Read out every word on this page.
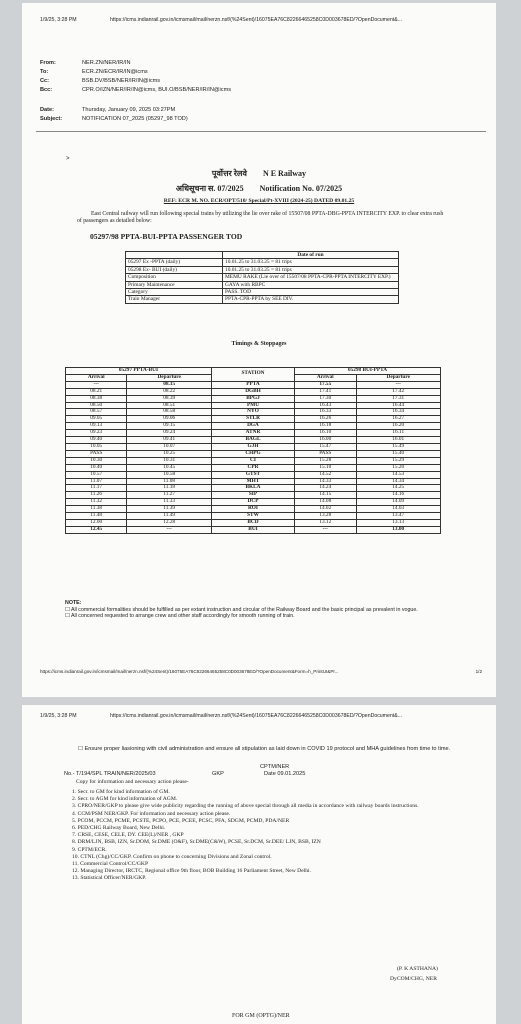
1/9/25, 3:28 PM	https://icms.indianrail.gov.in/icmsmail/mail/nerzn.nsf/(%24Sent)/16075EA76C82266465258C0D003678ED/?OpenDocument&...
From:	NER.ZN/NER/IR/IN
To:	ECR.ZN/ECR/IR/IN@icms
Cc:	BSB.DV/BSB/NER/IR/IN@icms
Bcc:	CPR.O/IZN/NER/IR/IN@icms, BUI.O/BSB/NER/IR/IN@icms
Date:	Thursday, January 09, 2025 03:27PM
Subject:	NOTIFICATION 07_2025 (05297_98 TOD)
>
पूर्वोत्तर रेलवे N E Railway
अधिसूचना स. 07/2025 Notification No. 07/2025
REF: ECR M. NO. ECR/OPT/510/ Special/Pt-XVIII (2024-25) DATED 09.01.25
East Central railway will run following special trains by utilizing the lie over rake of 15507/08 PPTA-DBG-PPTA INTERCITY EXP. to clear extra rush of passengers as detailed below:
05297/98 PPTA-BUI-PPTA PASSENGER TOD
	Date of run
05297 Ex -PPTA (daily)	10.01.25 to 31.03.25 = 81 trips
05298 Ex- BUI (daily)	10.01.25 to 31.03.25 = 81 trips
Composition	MEMU RAKE (Lie over of 15507/08 PPTA-CPR-PPTA INTERCITY EXP.)
Primary Maintenance	GAYA with RBPC
Category	PASS. TOD
Train Manager	PPTA-CPR-PPTA by SEE DIV.
Timings & Stoppages
05297 PPTA-BUI		STATION	05298 BUI-PPTA	
Arrival	Departure		Arrival	Departure
---	08.15	PPTA	17.55	---
08.21	08.22	DGBH	17.41	17.42
08.38	08.39	BPGJ	17.30	17.31
08.50	08.51	PMU	16.43	16.44
08.57	08.58	NYO	16.33	16.34
09.05	09.06	STLR	16.26	16.27
09.13	09.15	DGA	16.18	16.20
09.23	09.24	ATNR	16.10	16.11
09.40	09.41	BAGL	16.00	16.01
10.05	10.07	GJH	15.47	15.49
PASS	10.25	CHPG	PASS	15.40
10.30	10.31	CI	15.28	15.29
10.40	10.45	CPR	15.10	15.20
10.57	10.58	GTST	14.52	14.53
11.07	11.08	MHT	14.33	14.34
11.17	11.18	BKLA	14.24	14.25
11.26	11.27	SIP	14.15	14.16
11.32	11.33	DCP	14.08	14.09
11.38	11.39	ROI	14.02	14.03
11.48	11.49	STW	13.28	13.47
12.00	12.28	BCD	13.12	13.13
12.45	---	BUI	---	13.00
NOTE:
☐ All commercial formalities should be fulfilled as per extant instruction and circular of the Railway Board and the basic principal as prevalent in vogue.
☐ All concerned requested to arrange crew and other staff accordingly for smooth running of train.
https://icms.indianrail.gov.in/icmsmail/mail/nerzn.nsf/(%24Sent)/16075EA76C82266465258C0D003678ED/?OpenDocument&Form=h_PrintUI&Pr...	1/2
1/9/25, 3:28 PM	https://icms.indianrail.gov.in/icmsmail/mail/nerzn.nsf/(%24Sent)/16075EA76C82266465258C0D003678ED/?OpenDocument&...
☐ Ensure proper liasioning with civil administration and ensure all stipulation as laid down in COVID 19 protocol and MHA guidelines from time to time.
CPTM/NER
No.- T/194/SPL TRAIN/NER/2025/03	GKP	Date 09.01.2025
Copy for information and necessary action please-

1. Secr. to GM for kind information of GM.

2. Secr. to AGM for kind information of AGM.

3. CPRO/NER/GKP to please give wide publicity regarding the running of above special through all media in accordance with railway boards instructions.

4. CCM/PSM NER/GKP. For information and necessary action please.

5. PCOM, PCCM, PCME, PCSTE, PCPO, PCE, PCEE, PCSC, PFA, SDGM, PCMD, PDA/NER

6. PED/CHG Railway Board, New Delhi.

7. CRSE, CESE, CELE, DY. CEE(L)/NER , GKP

8. DRM/LJN, BSB, IZN, Sr.DOM, Sr.DME (O&F), Sr.DME(C&W), PCSE, Sr.DCM, Sr.DEE/ LJN, BSB, IZN

9. CPTM/ECR.

10. CTNL (Chg)/CC/GKP. Confirm on phone to concerning Divisions and Zonal control.

11. Commercial Control/CC/GKP

12. Managing Director, IRCTC, Regional office 9th floor, BOB Building 16 Parliament Street, New Delhi.

13. Statistical Officer/NER/GKP.

(P. K ASTHANA)
DyCOM/CHG, NER
FOR GM (OPTG)/NER
